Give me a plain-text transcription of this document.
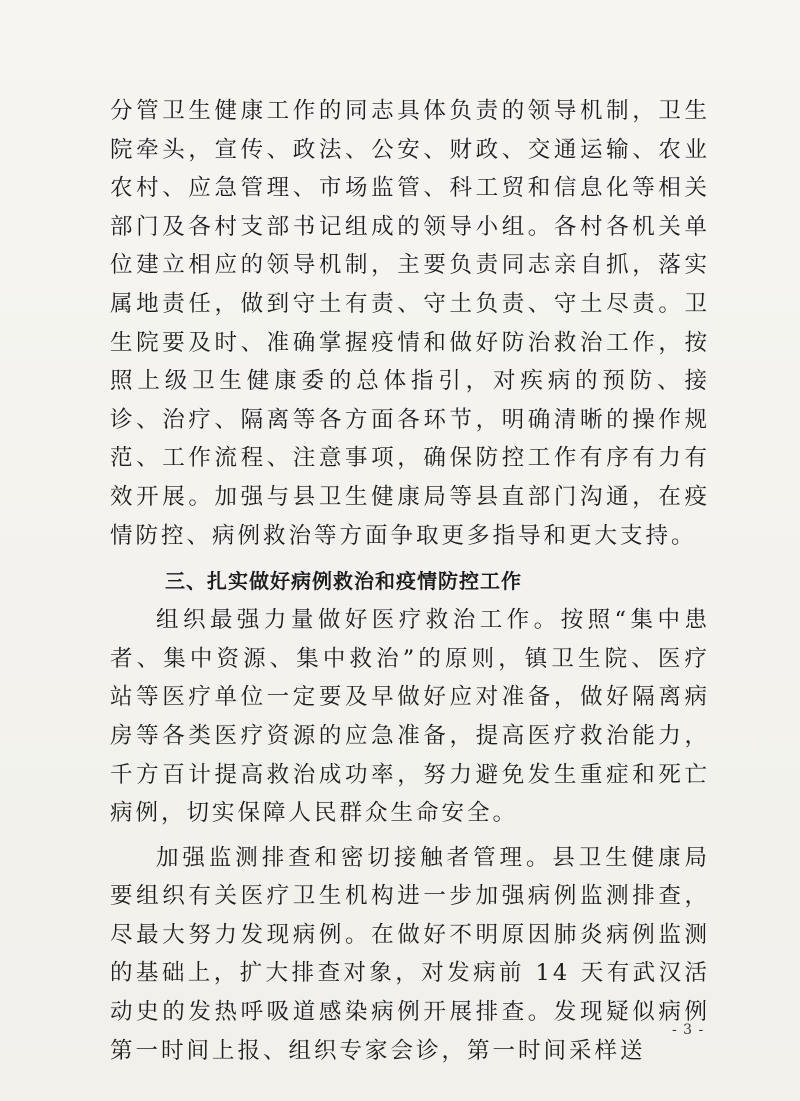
分管卫生健康工作的同志具体负责的领导机制，卫生院牵头，宣传、政法、公安、财政、交通运输、农业农村、应急管理、市场监管、科工贸和信息化等相关部门及各村支部书记组成的领导小组。各村各机关单位建立相应的领导机制，主要负责同志亲自抓，落实属地责任，做到守土有责、守土负责、守土尽责。卫生院要及时、准确掌握疫情和做好防治救治工作，按照上级卫生健康委的总体指引，对疾病的预防、接诊、治疗、隔离等各方面各环节，明确清晰的操作规范、工作流程、注意事项，确保防控工作有序有力有效开展。加强与县卫生健康局等县直部门沟通，在疫情防控、病例救治等方面争取更多指导和更大支持。

三、扎实做好病例救治和疫情防控工作

组织最强力量做好医疗救治工作。按照“集中患者、集中资源、集中救治”的原则，镇卫生院、医疗站等医疗单位一定要及早做好应对准备，做好隔离病房等各类医疗资源的应急准备，提高医疗救治能力，千方百计提高救治成功率，努力避免发生重症和死亡病例，切实保障人民群众生命安全。

加强监测排查和密切接触者管理。县卫生健康局要组织有关医疗卫生机构进一步加强病例监测排查，尽最大努力发现病例。在做好不明原因肺炎病例监测的基础上，扩大排查对象，对发病前 14 天有武汉活动史的发热呼吸道感染病例开展排查。发现疑似病例第一时间上报、组织专家会诊，第一时间采样送

- 3 -
